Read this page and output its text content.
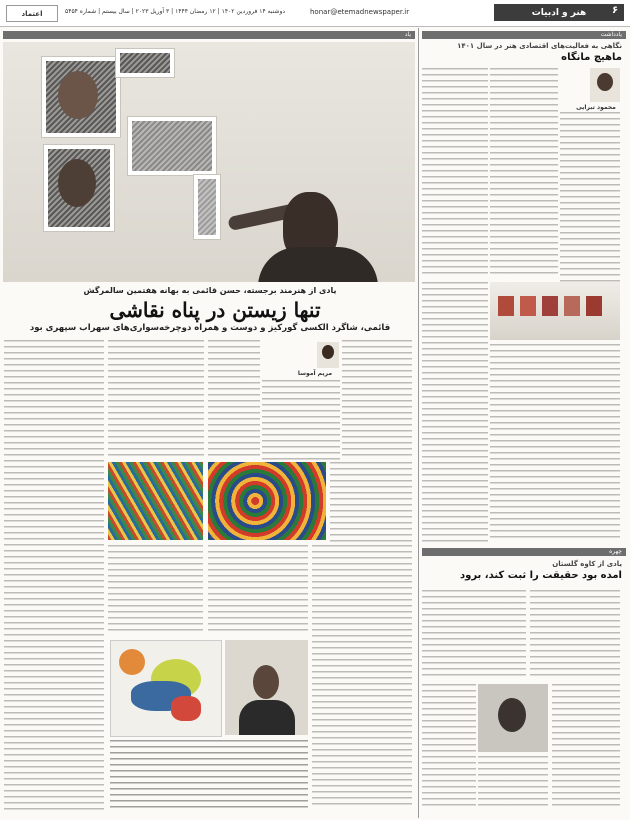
اعتماد	دوشنبه ۱۴ فروردین ۱۴۰۲ | ۱۲ رمضان ۱۴۴۴ | ۳ آوریل ۲۰۲۳ | سال بیستم | شماره ۵۴۵۴	honar@etemadnewspaper.ir	هنر و ادبیات	۶
یاد
یادی از هنرمند برجسته، حسن قائمی به بهانه هفتمین سالمرگش
تنها زیستن در پناه نقاشی
قائمی، شاگرد الکسی گورکیز و دوست و همراه دوچرخه‌سواری‌های سهراب سپهری بود
مریم آموسا
یادداشت
نگاهی به فعالیت‌های اقتصادی هنر در سال ۱۴۰۱
ماهیچ مانگاه
محمود تبرایی
چهره
یادی از کاوه گلستان
امده بود حقیقت را ثبت کند، برود
